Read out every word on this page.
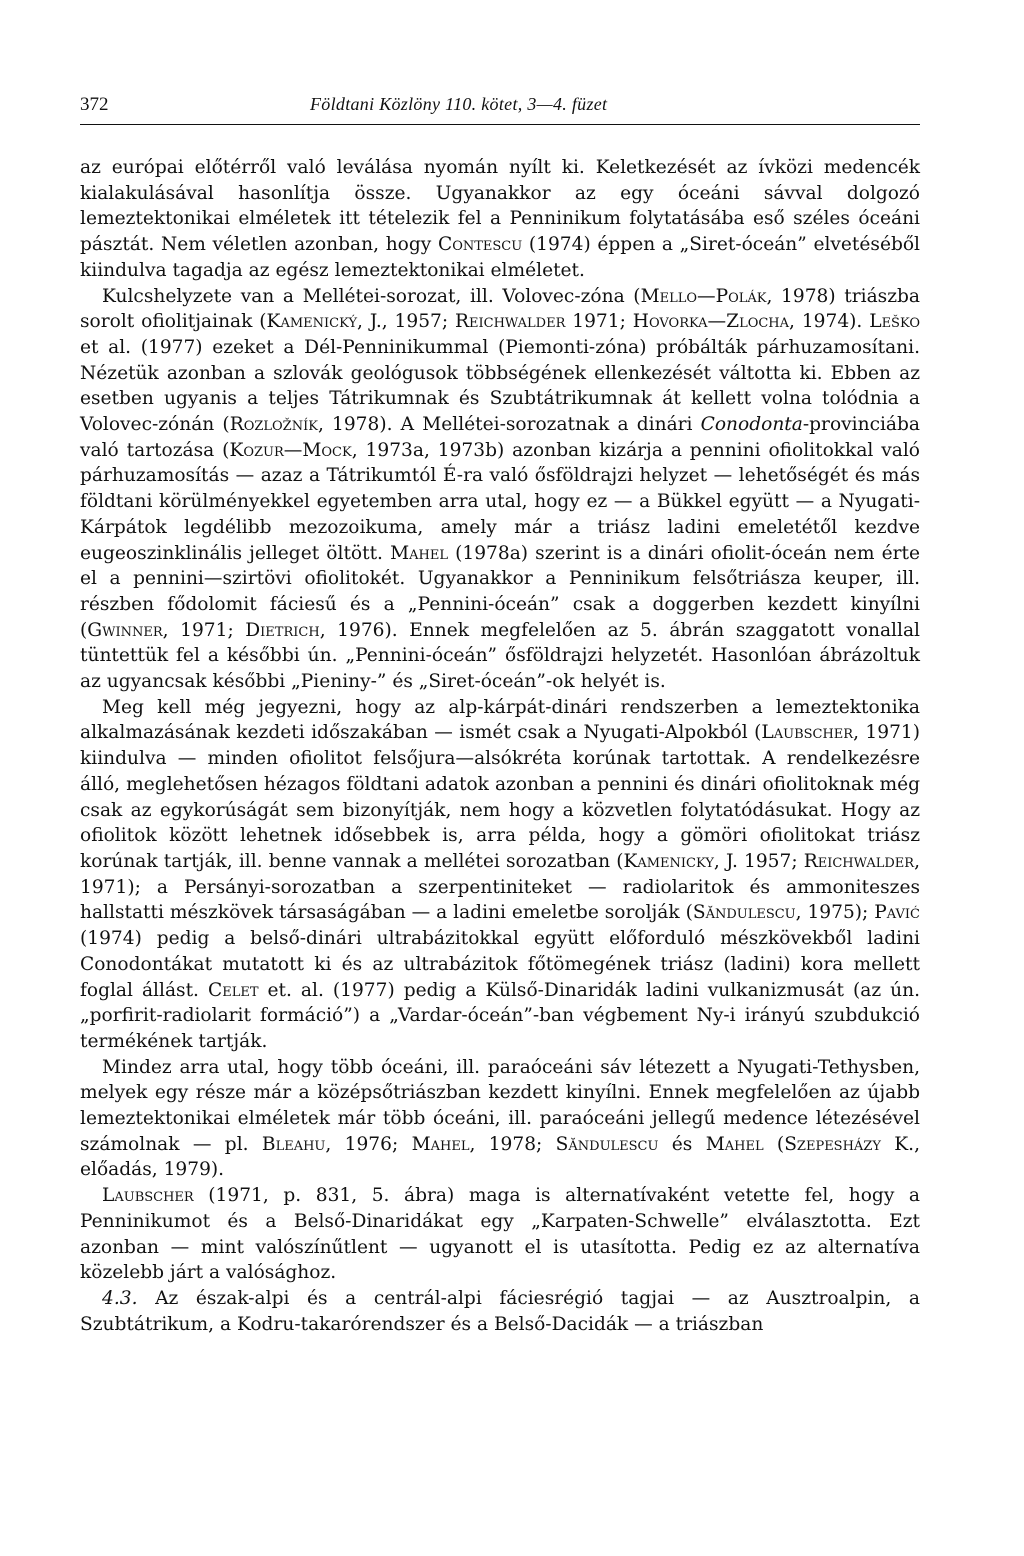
372	Földtani Közlöny 110. kötet, 3—4. füzet

az európai előtérről való leválása nyomán nyílt ki. Keletkezését az ívközi medencék kialakulásával hasonlítja össze. Ugyanakkor az egy óceáni sávval dolgozó lemeztektonikai elméletek itt tételezik fel a Penninikum folytatásába eső széles óceáni pásztát. Nem véletlen azonban, hogy Contescu (1974) éppen a „Siret-óceán” elvetéséből kiindulva tagadja az egész lemeztektonikai elméletet.

Kulcshelyzete van a Mellétei-sorozat, ill. Volovec-zóna (Mello—Polák, 1978) triászba sorolt ofiolitjainak (Kamenický, J., 1957; Reichwalder 1971; Hovorka—Zlocha, 1974). Leško et al. (1977) ezeket a Dél-Penninikummal (Piemonti-zóna) próbálták párhuzamosítani. Nézetük azonban a szlovák geológusok többségének ellenkezését váltotta ki. Ebben az esetben ugyanis a teljes Tátrikumnak és Szubtátrikumnak át kellett volna tolódnia a Volovec-zónán (Rozložník, 1978). A Mellétei-sorozatnak a dinári Conodonta-provinciába való tartozása (Kozur—Mock, 1973a, 1973b) azonban kizárja a pennini ofiolitokkal való párhuzamosítás — azaz a Tátrikumtól É-ra való ősföldrajzi helyzet — lehetőségét és más földtani körülményekkel egyetemben arra utal, hogy ez — a Bükkel együtt — a Nyugati-Kárpátok legdélibb mezozoikuma, amely már a triász ladini emeletétől kezdve eugeoszinklinális jelleget öltött. Mahel (1978a) szerint is a dinári ofiolit-óceán nem érte el a pennini—szirtövi ofiolitokét. Ugyanakkor a Penninikum felsőtriásza keuper, ill. részben fődolomit fáciesű és a „Pennini-óceán” csak a doggerben kezdett kinyílni (Gwinner, 1971; Dietrich, 1976). Ennek megfelelően az 5. ábrán szaggatott vonallal tüntettük fel a későbbi ún. „Pennini-óceán” ősföldrajzi helyzetét. Hasonlóan ábrázoltuk az ugyancsak későbbi „Pieniny-” és „Siret-óceán”-ok helyét is.

Meg kell még jegyezni, hogy az alp-kárpát-dinári rendszerben a lemeztektonika alkalmazásának kezdeti időszakában — ismét csak a Nyugati-Alpokból (Laubscher, 1971) kiindulva — minden ofiolitot felsőjura—alsókréta korúnak tartottak. A rendelkezésre álló, meglehetősen hézagos földtani adatok azonban a pennini és dinári ofiolitoknak még csak az egykorúságát sem bizonyítják, nem hogy a közvetlen folytatódásukat. Hogy az ofiolitok között lehetnek idősebbek is, arra példa, hogy a gömöri ofiolitokat triász korúnak tartják, ill. benne vannak a mellétei sorozatban (Kamenicky, J. 1957; Reichwalder, 1971); a Persányi-sorozatban a szerpentiniteket — radiolaritok és ammoniteszes hallstatti mészkövek társaságában — a ladini emeletbe sorolják (Săndulescu, 1975); Pavić (1974) pedig a belső-dinári ultrabázitokkal együtt előforduló mészkövekből ladini Conodontákat mutatott ki és az ultrabázitok főtömegének triász (ladini) kora mellett foglal állást. Celet et. al. (1977) pedig a Külső-Dinaridák ladini vulkanizmusát (az ún. „porfirit-radiolarit formáció”) a „Vardar-óceán”-ban végbement Ny-i irányú szubdukció termékének tartják.

Mindez arra utal, hogy több óceáni, ill. paraóceáni sáv létezett a Nyugati-Tethysben, melyek egy része már a középsőtriászban kezdett kinyílni. Ennek megfelelően az újabb lemeztektonikai elméletek már több óceáni, ill. paraóceáni jellegű medence létezésével számolnak — pl. Bleahu, 1976; Mahel, 1978; Săndulescu és Mahel (Szepesházy K., előadás, 1979).

Laubscher (1971, p. 831, 5. ábra) maga is alternatívaként vetette fel, hogy a Penninikumot és a Belső-Dinaridákat egy „Karpaten-Schwelle” elválasztotta. Ezt azonban — mint valószínűtlent — ugyanott el is utasította. Pedig ez az alternatíva közelebb járt a valósághoz.

4.3. Az észak-alpi és a centrál-alpi fáciesrégió tagjai — az Ausztroalpin, a Szubtátrikum, a Kodru-takarórendszer és a Belső-Dacidák — a triászban
